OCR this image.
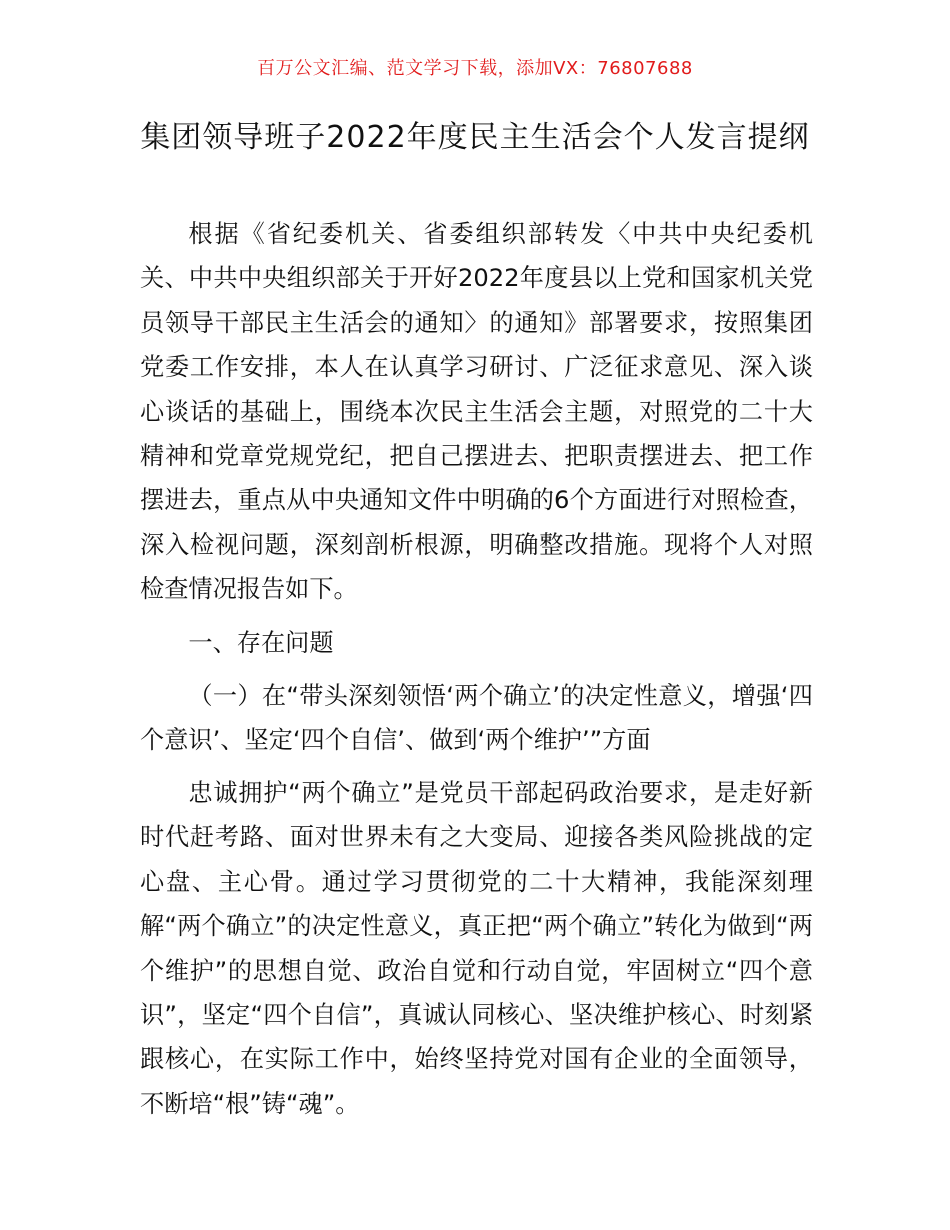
百万公文汇编、范文学习下载，添加VX：76807688
集团领导班子2022年度民主生活会个人发言提纲

根据《省纪委机关、省委组织部转发〈中共中央纪委机关、中共中央组织部关于开好2022年度县以上党和国家机关党员领导干部民主生活会的通知〉的通知》部署要求，按照集团党委工作安排，本人在认真学习研讨、广泛征求意见、深入谈心谈话的基础上，围绕本次民主生活会主题，对照党的二十大精神和党章党规党纪，把自己摆进去、把职责摆进去、把工作摆进去，重点从中央通知文件中明确的6个方面进行对照检查，深入检视问题，深刻剖析根源，明确整改措施。现将个人对照检查情况报告如下。

一、存在问题

（一）在“带头深刻领悟‘两个确立’的决定性意义，增强‘四个意识’、坚定‘四个自信’、做到‘两个维护’”方面

忠诚拥护“两个确立”是党员干部起码政治要求，是走好新时代赶考路、面对世界未有之大变局、迎接各类风险挑战的定心盘、主心骨。通过学习贯彻党的二十大精神，我能深刻理解“两个确立”的决定性意义，真正把“两个确立”转化为做到“两个维护”的思想自觉、政治自觉和行动自觉，牢固树立“四个意识”，坚定“四个自信”，真诚认同核心、坚决维护核心、时刻紧跟核心，在实际工作中，始终坚持党对国有企业的全面领导，不断培“根”铸“魂”。
